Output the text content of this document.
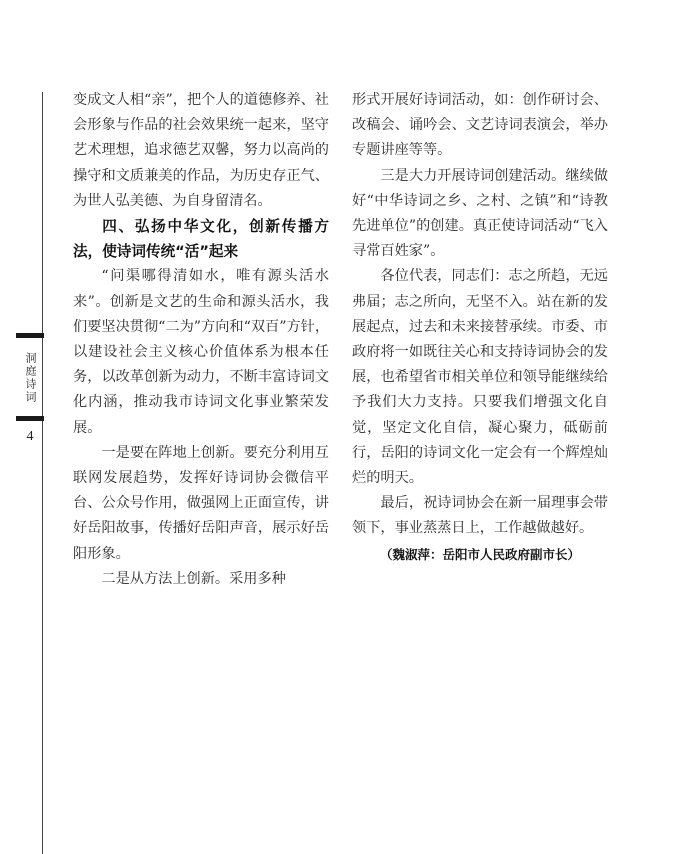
洞庭诗词
4

变成文人相“亲”，把个人的道德修养、社会形象与作品的社会效果统一起来，坚守艺术理想，追求德艺双馨，努力以高尚的操守和文质兼美的作品，为历史存正气、为世人弘美德、为自身留清名。

四、弘扬中华文化，创新传播方法，使诗词传统“活”起来

“问渠哪得清如水，唯有源头活水来”。创新是文艺的生命和源头活水，我们要坚决贯彻“二为”方向和“双百”方针，以建设社会主义核心价值体系为根本任务，以改革创新为动力，不断丰富诗词文化内涵，推动我市诗词文化事业繁荣发展。

一是要在阵地上创新。要充分利用互联网发展趋势，发挥好诗词协会微信平台、公众号作用，做强网上正面宣传，讲好岳阳故事，传播好岳阳声音，展示好岳阳形象。

二是从方法上创新。采用多种

形式开展好诗词活动，如：创作研讨会、改稿会、诵吟会、文艺诗词表演会，举办专题讲座等等。

三是大力开展诗词创建活动。继续做好“中华诗词之乡、之村、之镇”和“诗教先进单位”的创建。真正使诗词活动“飞入寻常百姓家”。

各位代表，同志们：志之所趋，无远弗届；志之所向，无坚不入。站在新的发展起点，过去和未来接替承续。市委、市政府将一如既往关心和支持诗词协会的发展，也希望省市相关单位和领导能继续给予我们大力支持。只要我们增强文化自觉，坚定文化自信，凝心聚力，砥砺前行，岳阳的诗词文化一定会有一个辉煌灿烂的明天。

最后，祝诗词协会在新一届理事会带领下，事业蒸蒸日上，工作越做越好。

（魏淑萍：岳阳市人民政府副市长）
